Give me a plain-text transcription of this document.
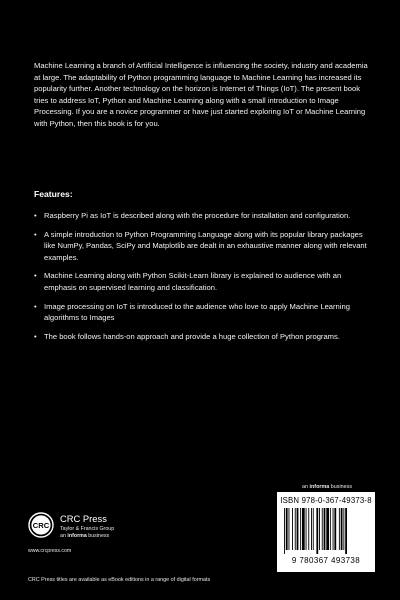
Machine Learning a branch of Artificial Intelligence is influencing the society, industry and academia at large. The adaptability of Python programming language to Machine Learning has increased its popularity further. Another technology on the horizon is Internet of Things (IoT). The present book tries to address IoT, Python and Machine Learning along with a small introduction to Image Processing. If you are a novice programmer or have just started exploring IoT or Machine Learning with Python, then this book is for you.

Features:
• Raspberry Pi as IoT is described along with the procedure for installation and configuration.
• A simple introduction to Python Programming Language along with its popular library packages like NumPy, Pandas, SciPy and Matplotlib are dealt in an exhaustive manner along with relevant examples.
• Machine Learning along with Python Scikit-Learn library is explained to audience with an emphasis on supervised learning and classification.
• Image processing on IoT is introduced to the audience who love to apply Machine Learning algorithms to Images
• The book follows hands-on approach and provide a huge collection of Python programs.
an informa business
ISBN 978-0-367-49373-8
9 780367 493738
CRC
CRC Press
Taylor & Francis Group
an informa business
www.crcpress.com
CRC Press titles are available as eBook editions in a range of digital formats
